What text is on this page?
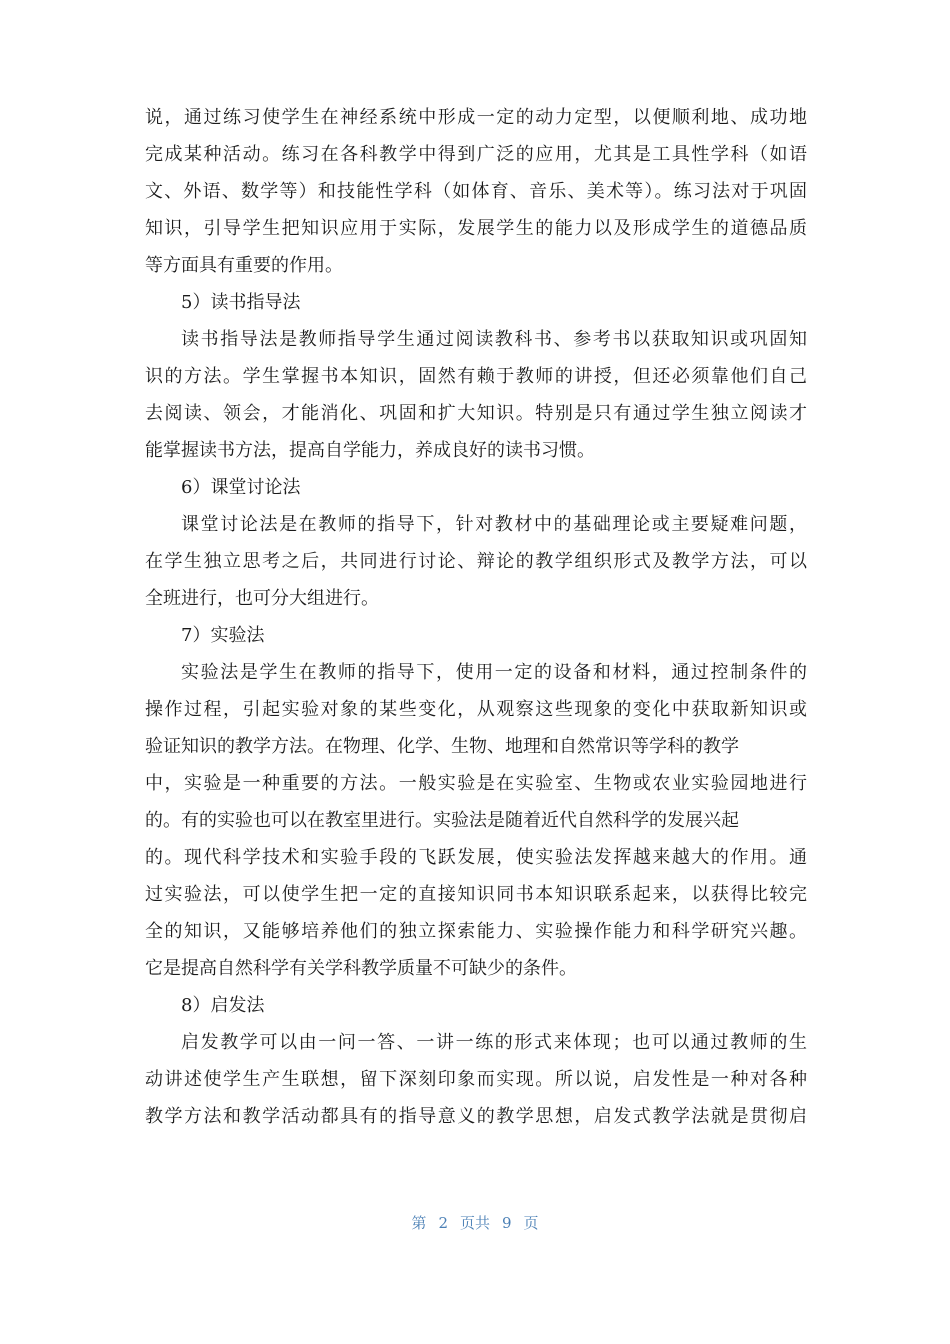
说，通过练习使学生在神经系统中形成一定的动力定型，以便顺利地、成功地
完成某种活动。练习在各科教学中得到广泛的应用，尤其是工具性学科（如语
文、外语、数学等）和技能性学科（如体育、音乐、美术等）。练习法对于巩固
知识，引导学生把知识应用于实际，发展学生的能力以及形成学生的道德品质
等方面具有重要的作用。
5）读书指导法
读书指导法是教师指导学生通过阅读教科书、参考书以获取知识或巩固知
识的方法。学生掌握书本知识，固然有赖于教师的讲授，但还必须靠他们自己
去阅读、领会，才能消化、巩固和扩大知识。特别是只有通过学生独立阅读才
能掌握读书方法，提高自学能力，养成良好的读书习惯。
6）课堂讨论法
课堂讨论法是在教师的指导下，针对教材中的基础理论或主要疑难问题，
在学生独立思考之后，共同进行讨论、辩论的教学组织形式及教学方法，可以
全班进行，也可分大组进行。
7）实验法
实验法是学生在教师的指导下，使用一定的设备和材料，通过控制条件的
操作过程，引起实验对象的某些变化，从观察这些现象的变化中获取新知识或
验证知识的教学方法。在物理、化学、生物、地理和自然常识等学科的教学
中，实验是一种重要的方法。一般实验是在实验室、生物或农业实验园地进行
的。有的实验也可以在教室里进行。实验法是随着近代自然科学的发展兴起
的。现代科学技术和实验手段的飞跃发展，使实验法发挥越来越大的作用。通
过实验法，可以使学生把一定的直接知识同书本知识联系起来，以获得比较完
全的知识，又能够培养他们的独立探索能力、实验操作能力和科学研究兴趣。
它是提高自然科学有关学科教学质量不可缺少的条件。
8）启发法
启发教学可以由一问一答、一讲一练的形式来体现；也可以通过教师的生
动讲述使学生产生联想，留下深刻印象而实现。所以说，启发性是一种对各种
教学方法和教学活动都具有的指导意义的教学思想，启发式教学法就是贯彻启
第 2 页共 9 页
